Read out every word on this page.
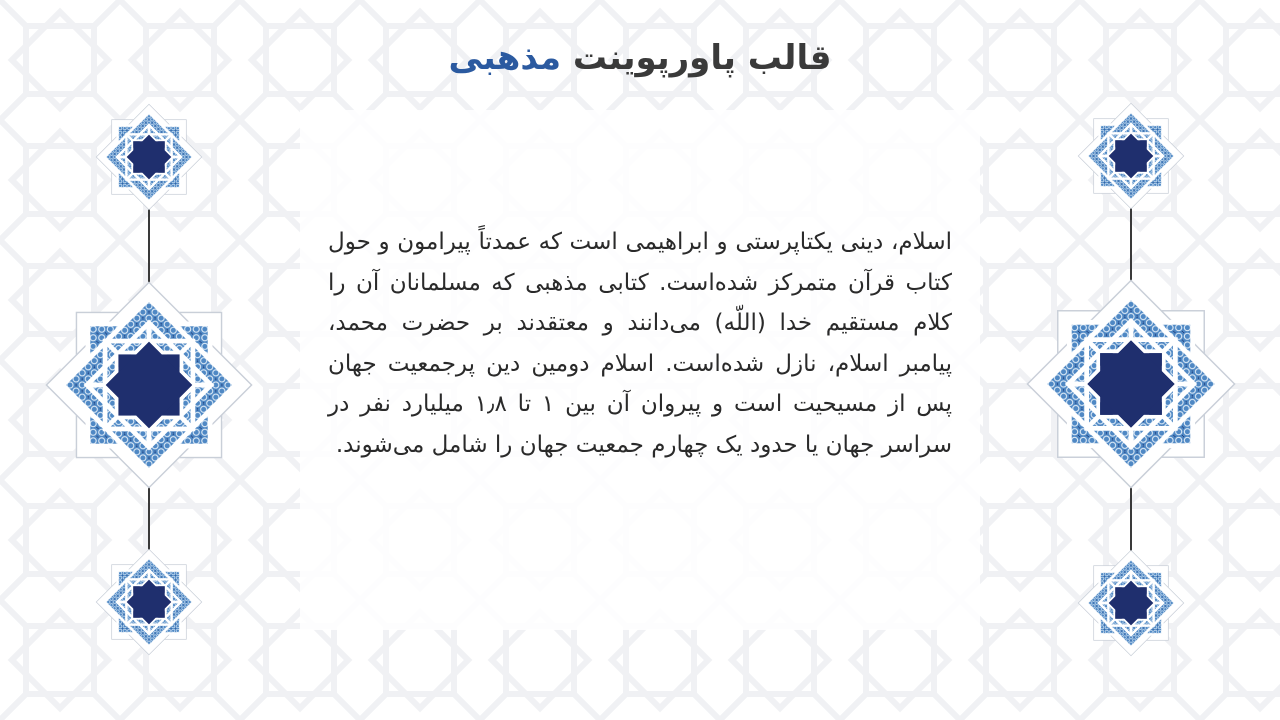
قالب پاورپوینت مذهبی
اسلام، دینی یکتاپرستی و ابراهیمی است که عمدتاً پیرامون و حول کتاب قرآن متمرکز شده‌است. کتابی مذهبی که مسلمانان آن را کلام مستقیم خدا (اللّه) می‌دانند و معتقدند بر حضرت محمد، پیامبر اسلام، نازل شده‌است. اسلام دومین دین پرجمعیت جهان پس از مسیحیت است و پیروان آن بین ۱ تا ۱٫۸ میلیارد نفر در سراسر جهان یا حدود یک چهارم جمعیت جهان را شامل می‌شوند.
